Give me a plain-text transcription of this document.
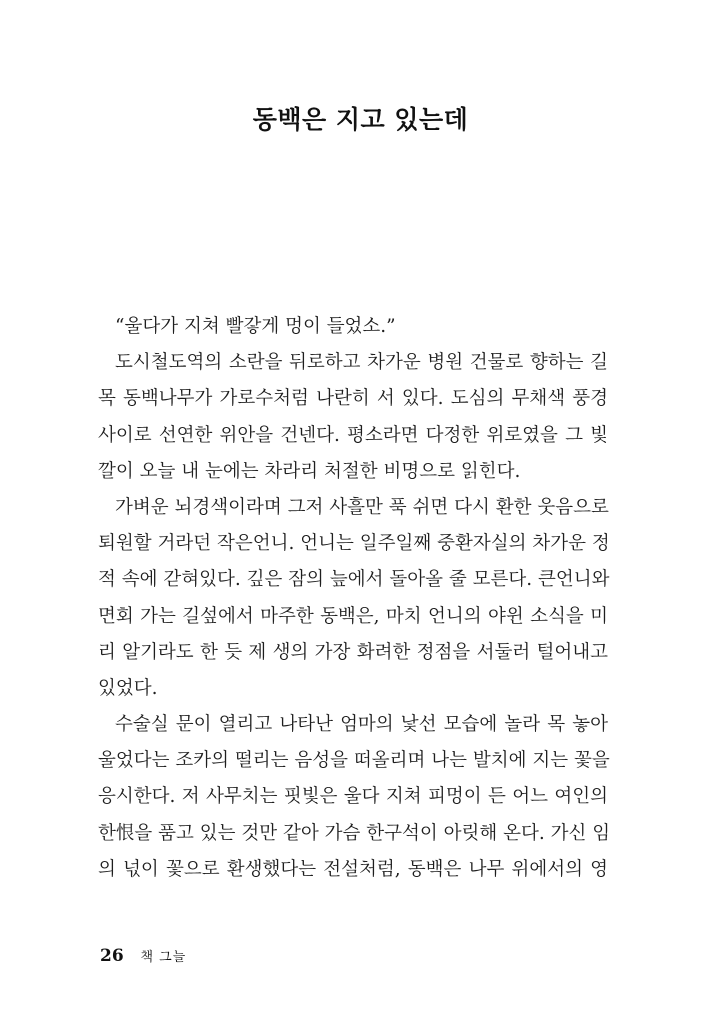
동백은 지고 있는데
“울다가 지쳐 빨갛게 멍이 들었소.”
도시철도역의 소란을 뒤로하고 차가운 병원 건물로 향하는 길
목 동백나무가 가로수처럼 나란히 서 있다. 도심의 무채색 풍경
사이로 선연한 위안을 건넨다. 평소라면 다정한 위로였을 그 빛
깔이 오늘 내 눈에는 차라리 처절한 비명으로 읽힌다.
가벼운 뇌경색이라며 그저 사흘만 푹 쉬면 다시 환한 웃음으로
퇴원할 거라던 작은언니. 언니는 일주일째 중환자실의 차가운 정
적 속에 갇혀있다. 깊은 잠의 늪에서 돌아올 줄 모른다. 큰언니와
면회 가는 길섶에서 마주한 동백은, 마치 언니의 야윈 소식을 미
리 알기라도 한 듯 제 생의 가장 화려한 정점을 서둘러 털어내고
있었다.
수술실 문이 열리고 나타난 엄마의 낯선 모습에 놀라 목 놓아
울었다는 조카의 떨리는 음성을 떠올리며 나는 발치에 지는 꽃을
응시한다. 저 사무치는 핏빛은 울다 지쳐 피멍이 든 어느 여인의
한恨을 품고 있는 것만 같아 가슴 한구석이 아릿해 온다. 가신 임
의 넋이 꽃으로 환생했다는 전설처럼, 동백은 나무 위에서의 영
26 책 그늘
